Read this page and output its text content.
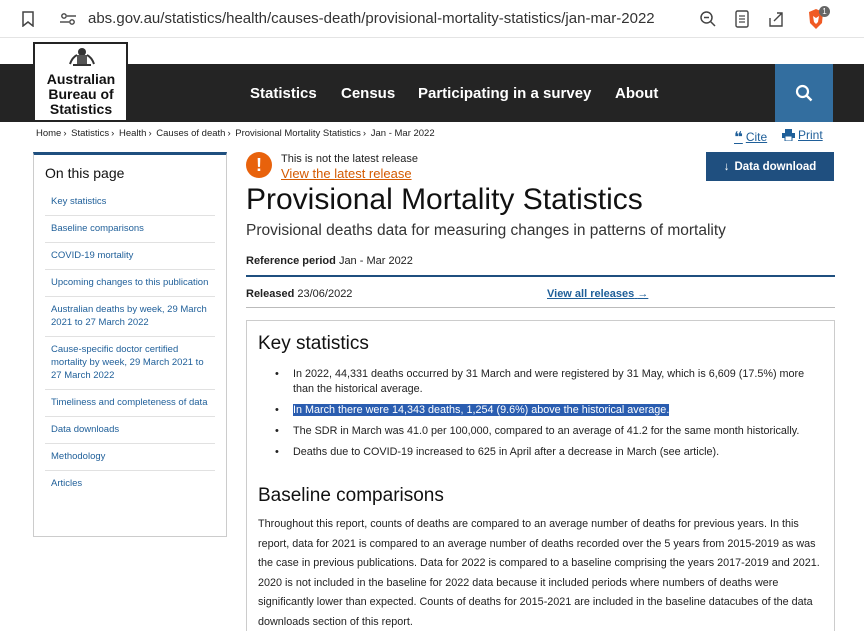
abs.gov.au/statistics/health/causes-death/provisional-mortality-statistics/jan-mar-2022	1
Australian
Bureau of
Statistics
Statistics Census Participating in a survey About
Home › Statistics › Health › Causes of death › Provisional Mortality Statistics › Jan - Mar 2022	❝ Cite	Print
On this page
Key statistics
Baseline comparisons
COVID-19 mortality
Upcoming changes to this publication
Australian deaths by week, 29 March 2021 to 27 March 2022
Cause-specific doctor certified mortality by week, 29 March 2021 to 27 March 2022
Timeliness and completeness of data
Data downloads
Methodology
Articles
!	This is not the latest release
View the latest release	↓ Data download
Provisional Mortality Statistics
Provisional deaths data for measuring changes in patterns of mortality
Reference period Jan - Mar 2022
Released 23/06/2022	View all releases →
Key statistics
• In 2022, 44,331 deaths occurred by 31 March and were registered by 31 May, which is 6,609 (17.5%) more than the historical average.
• In March there were 14,343 deaths, 1,254 (9.6%) above the historical average.
• The SDR in March was 41.0 per 100,000, compared to an average of 41.2 for the same month historically.
• Deaths due to COVID-19 increased to 625 in April after a decrease in March (see article).
Baseline comparisons

Throughout this report, counts of deaths are compared to an average number of deaths for previous years. In this report, data for 2021 is compared to an average number of deaths recorded over the 5 years from 2015-2019 as was the case in previous publications. Data for 2022 is compared to a baseline comprising the years 2017-2019 and 2021. 2020 is not included in the baseline for 2022 data because it included periods where numbers of deaths were significantly lower than expected. Counts of deaths for 2015-2021 are included in the baseline datacubes of the data downloads section of this report.
